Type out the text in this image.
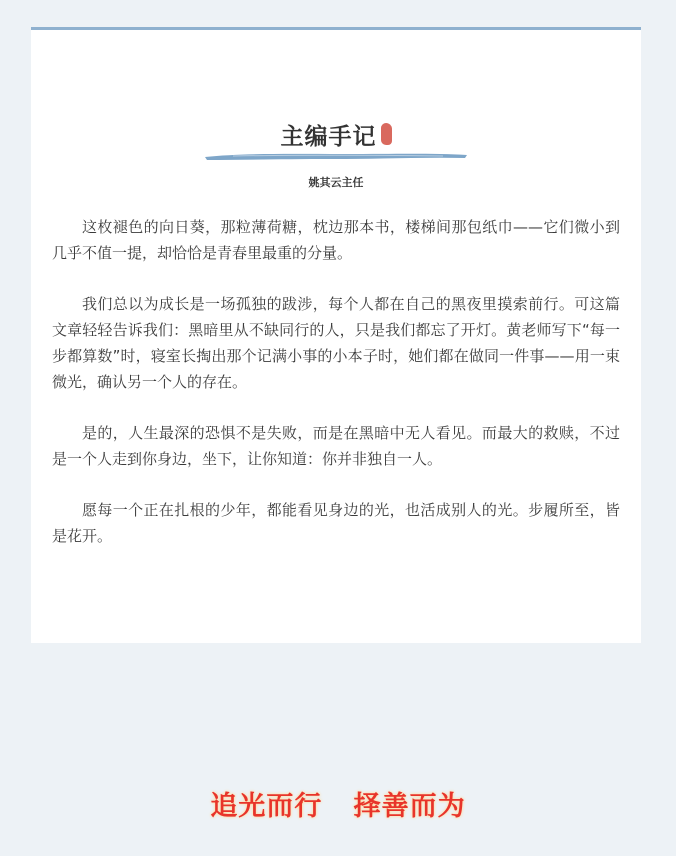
主编手记
姚其云主任

这枚褪色的向日葵，那粒薄荷糖，枕边那本书，楼梯间那包纸巾——它们微小到几乎不值一提，却恰恰是青春里最重的分量。

我们总以为成长是一场孤独的跋涉，每个人都在自己的黑夜里摸索前行。可这篇文章轻轻告诉我们：黑暗里从不缺同行的人，只是我们都忘了开灯。黄老师写下“每一步都算数”时，寝室长掏出那个记满小事的小本子时，她们都在做同一件事——用一束微光，确认另一个人的存在。

是的，人生最深的恐惧不是失败，而是在黑暗中无人看见。而最大的救赎，不过是一个人走到你身边，坐下，让你知道：你并非独自一人。

愿每一个正在扎根的少年，都能看见身边的光，也活成别人的光。步履所至，皆是花开。

追光而行   择善而为
